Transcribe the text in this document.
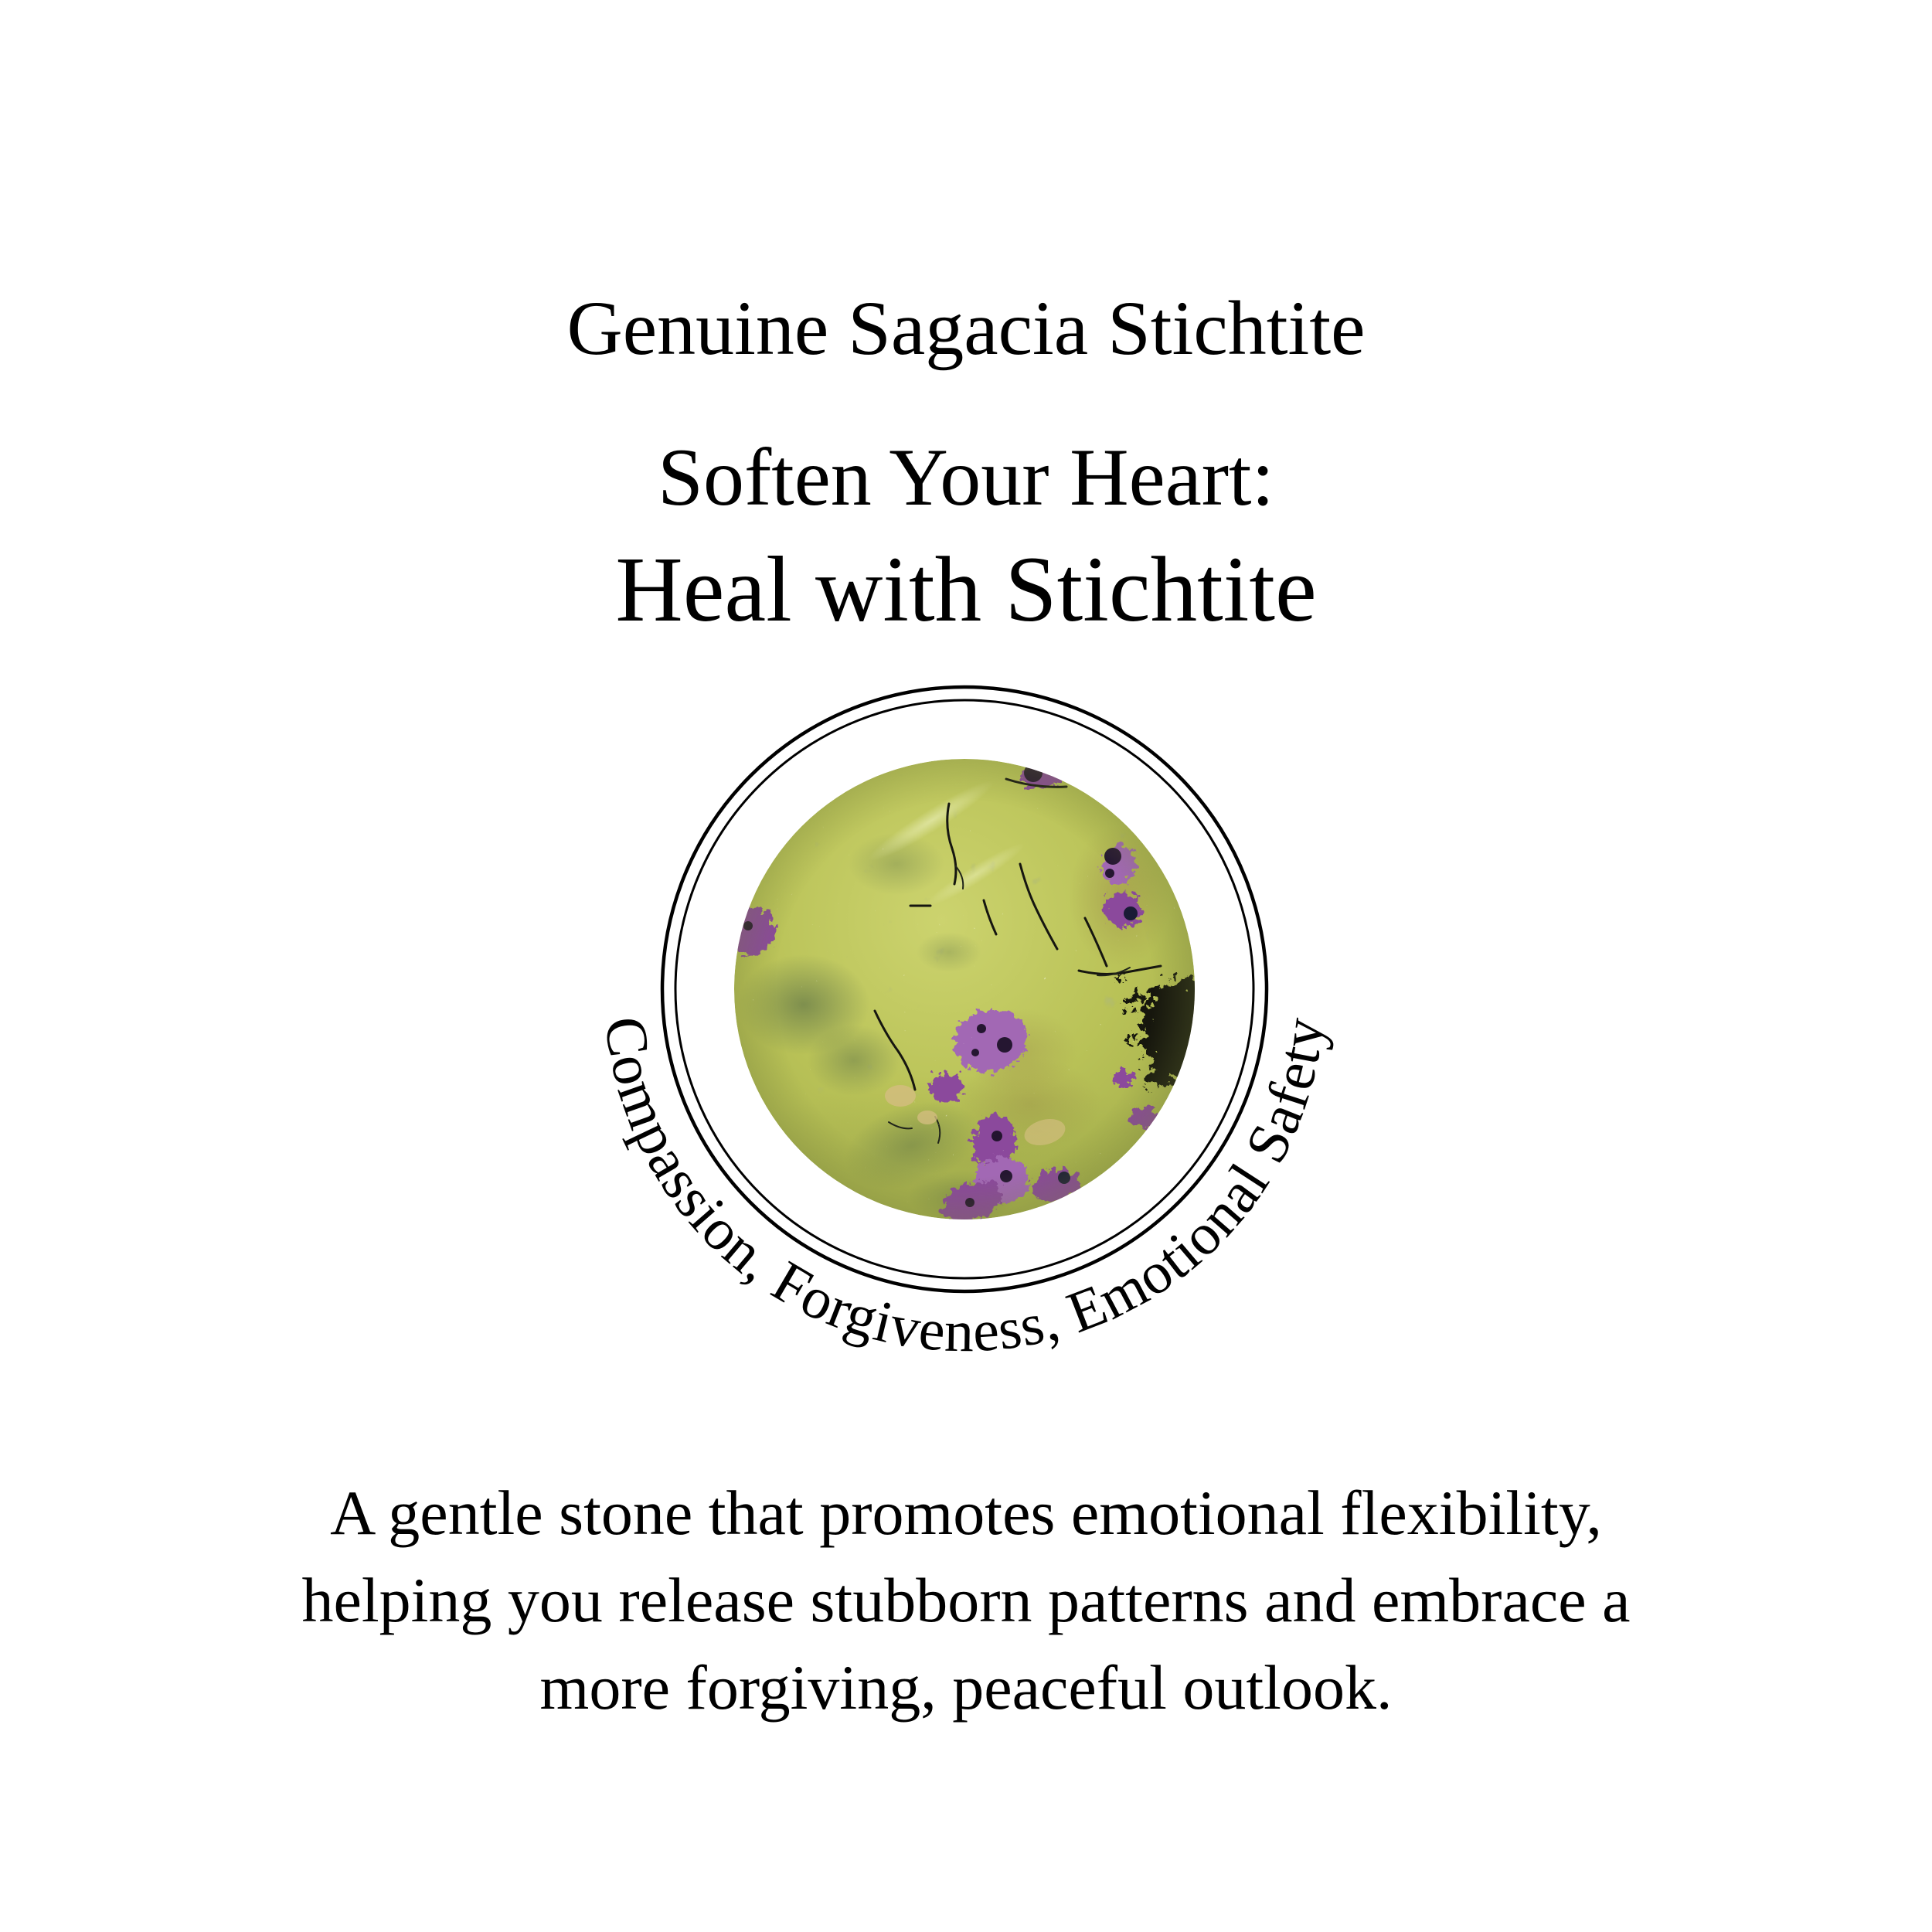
Genuine Sagacia Stichtite
Soften Your Heart:
Heal with Stichtite
Compassion, Forgiveness, Emotional Safety
A gentle stone that promotes emotional flexibility,
helping you release stubborn patterns and embrace a
more forgiving, peaceful outlook.
